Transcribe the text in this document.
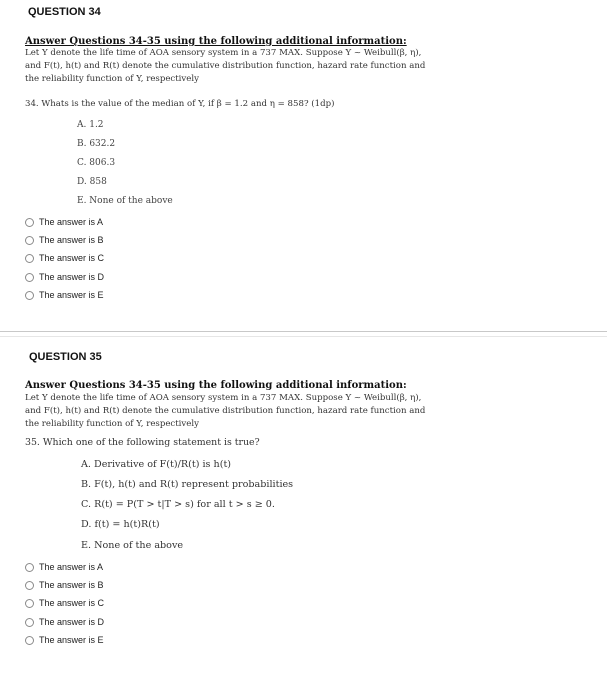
QUESTION 34
Answer Questions 34-35 using the following additional information:
Let Y denote the life time of AOA sensory system in a 737 MAX. Suppose Y ~ Weibull(β, η),
and F(t), h(t) and R(t) denote the cumulative distribution function, hazard rate function and
the reliability function of Y, respectively
34. Whats is the value of the median of Y, if β = 1.2 and η = 858? (1dp)
A. 1.2
B. 632.2
C. 806.3
D. 858
E. None of the above
The answer is A
The answer is B
The answer is C
The answer is D
The answer is E
QUESTION 35
Answer Questions 34-35 using the following additional information:
Let Y denote the life time of AOA sensory system in a 737 MAX. Suppose Y ~ Weibull(β, η),
and F(t), h(t) and R(t) denote the cumulative distribution function, hazard rate function and
the reliability function of Y, respectively
35. Which one of the following statement is true?
A. Derivative of F(t)/R(t) is h(t)
B. F(t), h(t) and R(t) represent probabilities
C. R(t) = P(T > t|T > s) for all t > s ≥ 0.
D. f(t) = h(t)R(t)
E. None of the above
The answer is A
The answer is B
The answer is C
The answer is D
The answer is E
